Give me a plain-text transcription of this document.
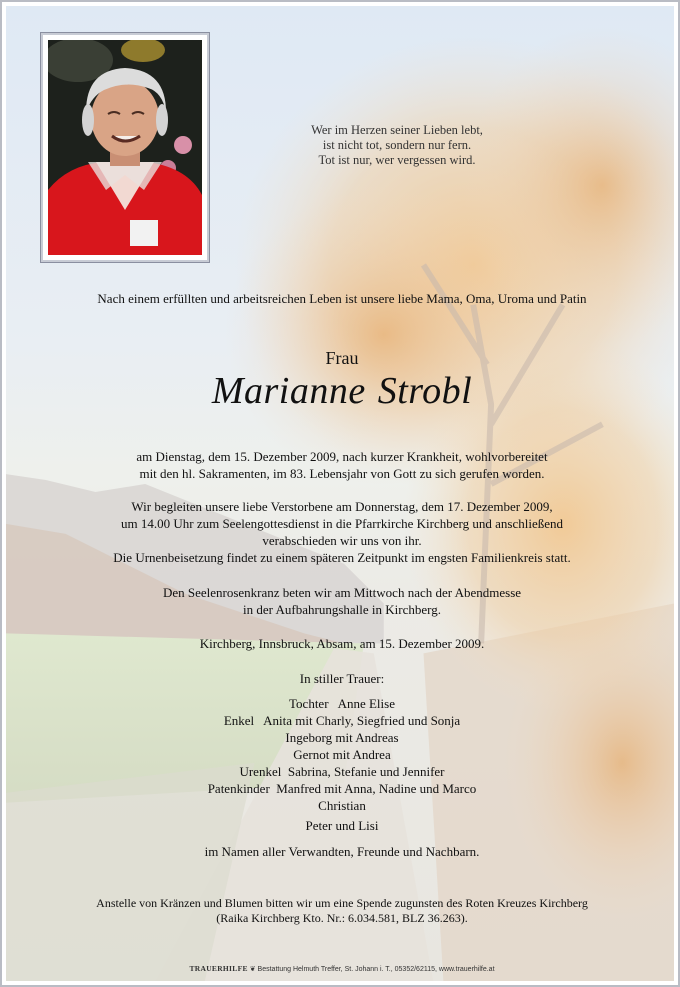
Wer im Herzen seiner Lieben lebt,
ist nicht tot, sondern nur fern.
Tot ist nur, wer vergessen wird.
Nach einem erfüllten und arbeitsreichen Leben ist unsere liebe Mama, Oma, Uroma und Patin
Frau
Marianne Strobl
am Dienstag, dem 15. Dezember 2009, nach kurzer Krankheit, wohlvorbereitet
mit den hl. Sakramenten, im 83. Lebensjahr von Gott zu sich gerufen worden.
Wir begleiten unsere liebe Verstorbene am Donnerstag, dem 17. Dezember 2009,
um 14.00 Uhr zum Seelengottesdienst in die Pfarrkirche Kirchberg und anschließend
verabschieden wir uns von ihr.
Die Urnenbeisetzung findet zu einem späteren Zeitpunkt im engsten Familienkreis statt.
Den Seelenrosenkranz beten wir am Mittwoch nach der Abendmesse
in der Aufbahrungshalle in Kirchberg.
Kirchberg, Innsbruck, Absam, am 15. Dezember 2009.
In stiller Trauer:
Tochter   Anne Elise
Enkel   Anita mit Charly, Siegfried und Sonja
Ingeborg mit Andreas
Gernot mit Andrea
Urenkel  Sabrina, Stefanie und Jennifer
Patenkinder  Manfred mit Anna, Nadine und Marco
Christian
Peter und Lisi
im Namen aller Verwandten, Freunde und Nachbarn.
Anstelle von Kränzen und Blumen bitten wir um eine Spende zugunsten des Roten Kreuzes Kirchberg
(Raika Kirchberg Kto. Nr.: 6.034.581, BLZ 36.263).
TRAUERHILFE ❦ Bestattung Helmuth Treffer, St. Johann i. T., 05352/62115, www.trauerhilfe.at
